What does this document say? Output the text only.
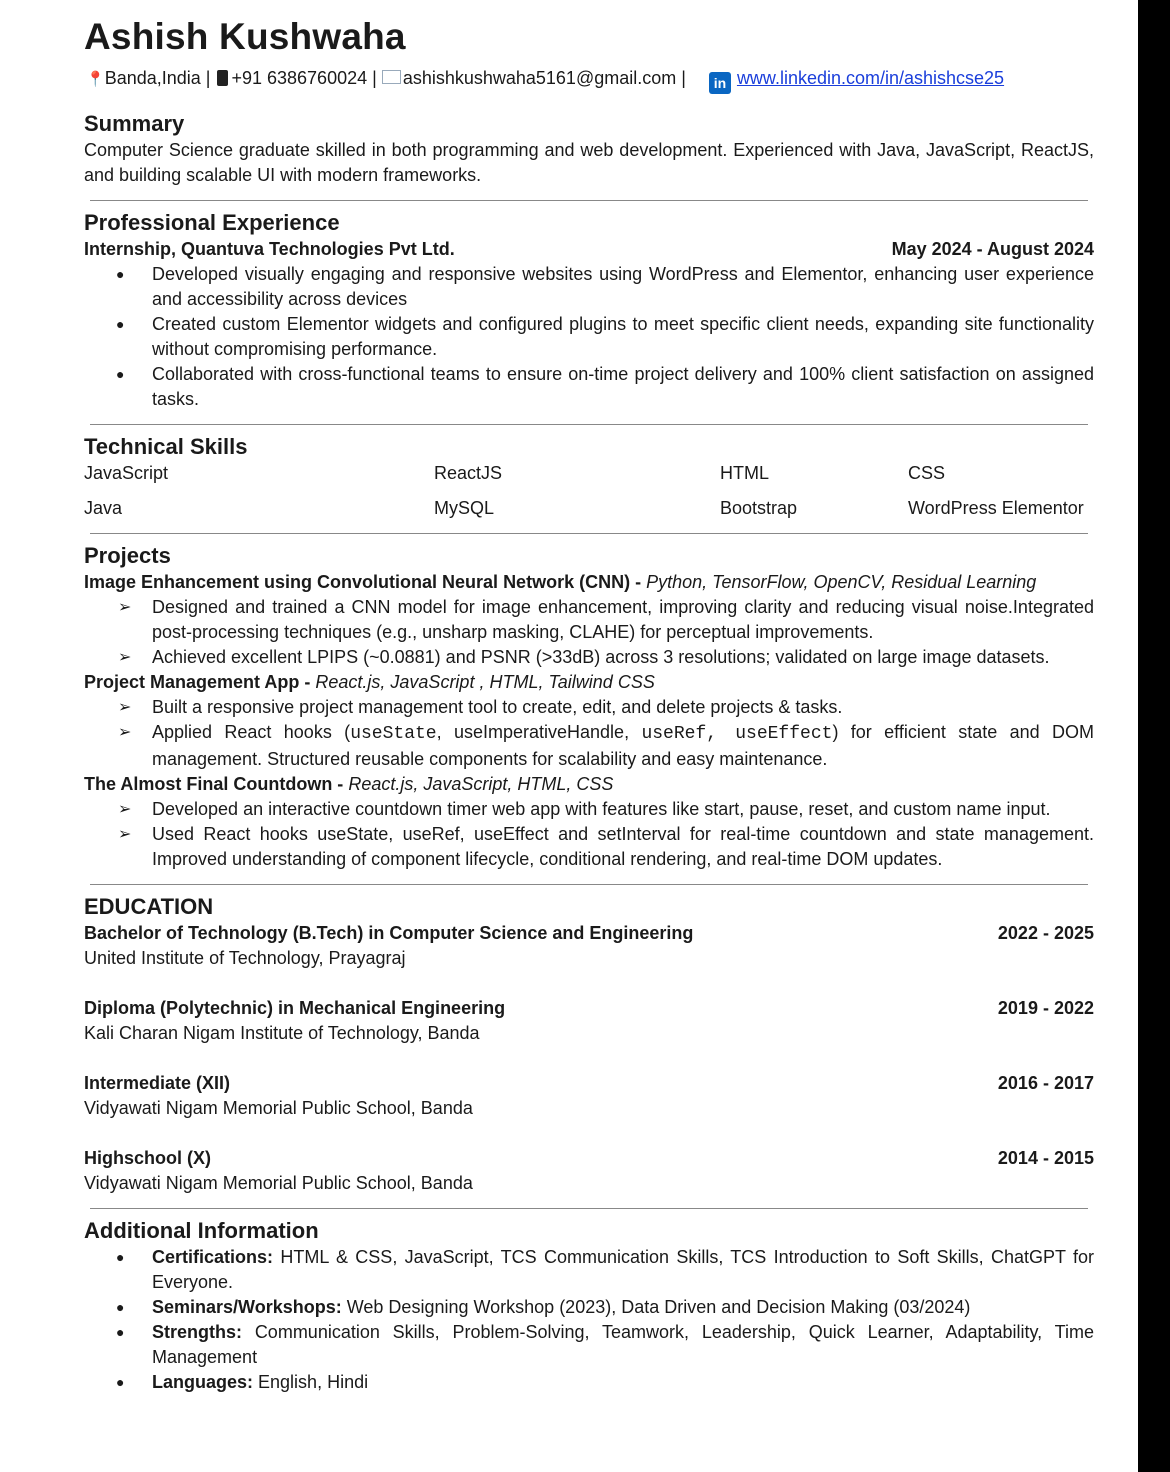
Ashish Kushwaha
📍Banda,India | +91 6386760024 | ashishkushwaha5161@gmail.com | in www.linkedin.com/in/ashishcse25
Summary
Computer Science graduate skilled in both programming and web development. Experienced with Java, JavaScript, ReactJS, and building scalable UI with modern frameworks.
Professional Experience
Internship, Quantuva Technologies Pvt Ltd.	May 2024 - August 2024
● Developed visually engaging and responsive websites using WordPress and Elementor, enhancing user experience and accessibility across devices
● Created custom Elementor widgets and configured plugins to meet specific client needs, expanding site functionality without compromising performance.
● Collaborated with cross-functional teams to ensure on-time project delivery and 100% client satisfaction on assigned tasks.
Technical Skills
JavaScript	ReactJS	HTML	CSS
Java	MySQL	Bootstrap	WordPress Elementor
Projects
Image Enhancement using Convolutional Neural Network (CNN) - Python, TensorFlow, OpenCV, Residual Learning
➢ Designed and trained a CNN model for image enhancement, improving clarity and reducing visual noise.Integrated post-processing techniques (e.g., unsharp masking, CLAHE) for perceptual improvements.
➢ Achieved excellent LPIPS (~0.0881) and PSNR (>33dB) across 3 resolutions; validated on large image datasets.
Project Management App - React.js, JavaScript , HTML, Tailwind CSS
➢ Built a responsive project management tool to create, edit, and delete projects & tasks.
➢ Applied React hooks (useState, useImperativeHandle, useRef, useEffect) for efficient state and DOM management. Structured reusable components for scalability and easy maintenance.
The Almost Final Countdown - React.js, JavaScript, HTML, CSS
➢ Developed an interactive countdown timer web app with features like start, pause, reset, and custom name input.
➢ Used React hooks useState, useRef, useEffect and setInterval for real-time countdown and state management. Improved understanding of component lifecycle, conditional rendering, and real-time DOM updates.
EDUCATION
Bachelor of Technology (B.Tech) in Computer Science and Engineering	2022 - 2025
United Institute of Technology, Prayagraj
Diploma (Polytechnic) in Mechanical Engineering	2019 - 2022
Kali Charan Nigam Institute of Technology, Banda
Intermediate (XII)	2016 - 2017
Vidyawati Nigam Memorial Public School, Banda
Highschool (X)	2014 - 2015
Vidyawati Nigam Memorial Public School, Banda
Additional Information
● Certifications: HTML & CSS, JavaScript, TCS Communication Skills, TCS Introduction to Soft Skills, ChatGPT for Everyone.
● Seminars/Workshops: Web Designing Workshop (2023), Data Driven and Decision Making (03/2024)
● Strengths: Communication Skills, Problem-Solving, Teamwork, Leadership, Quick Learner, Adaptability, Time Management
● Languages: English, Hindi
